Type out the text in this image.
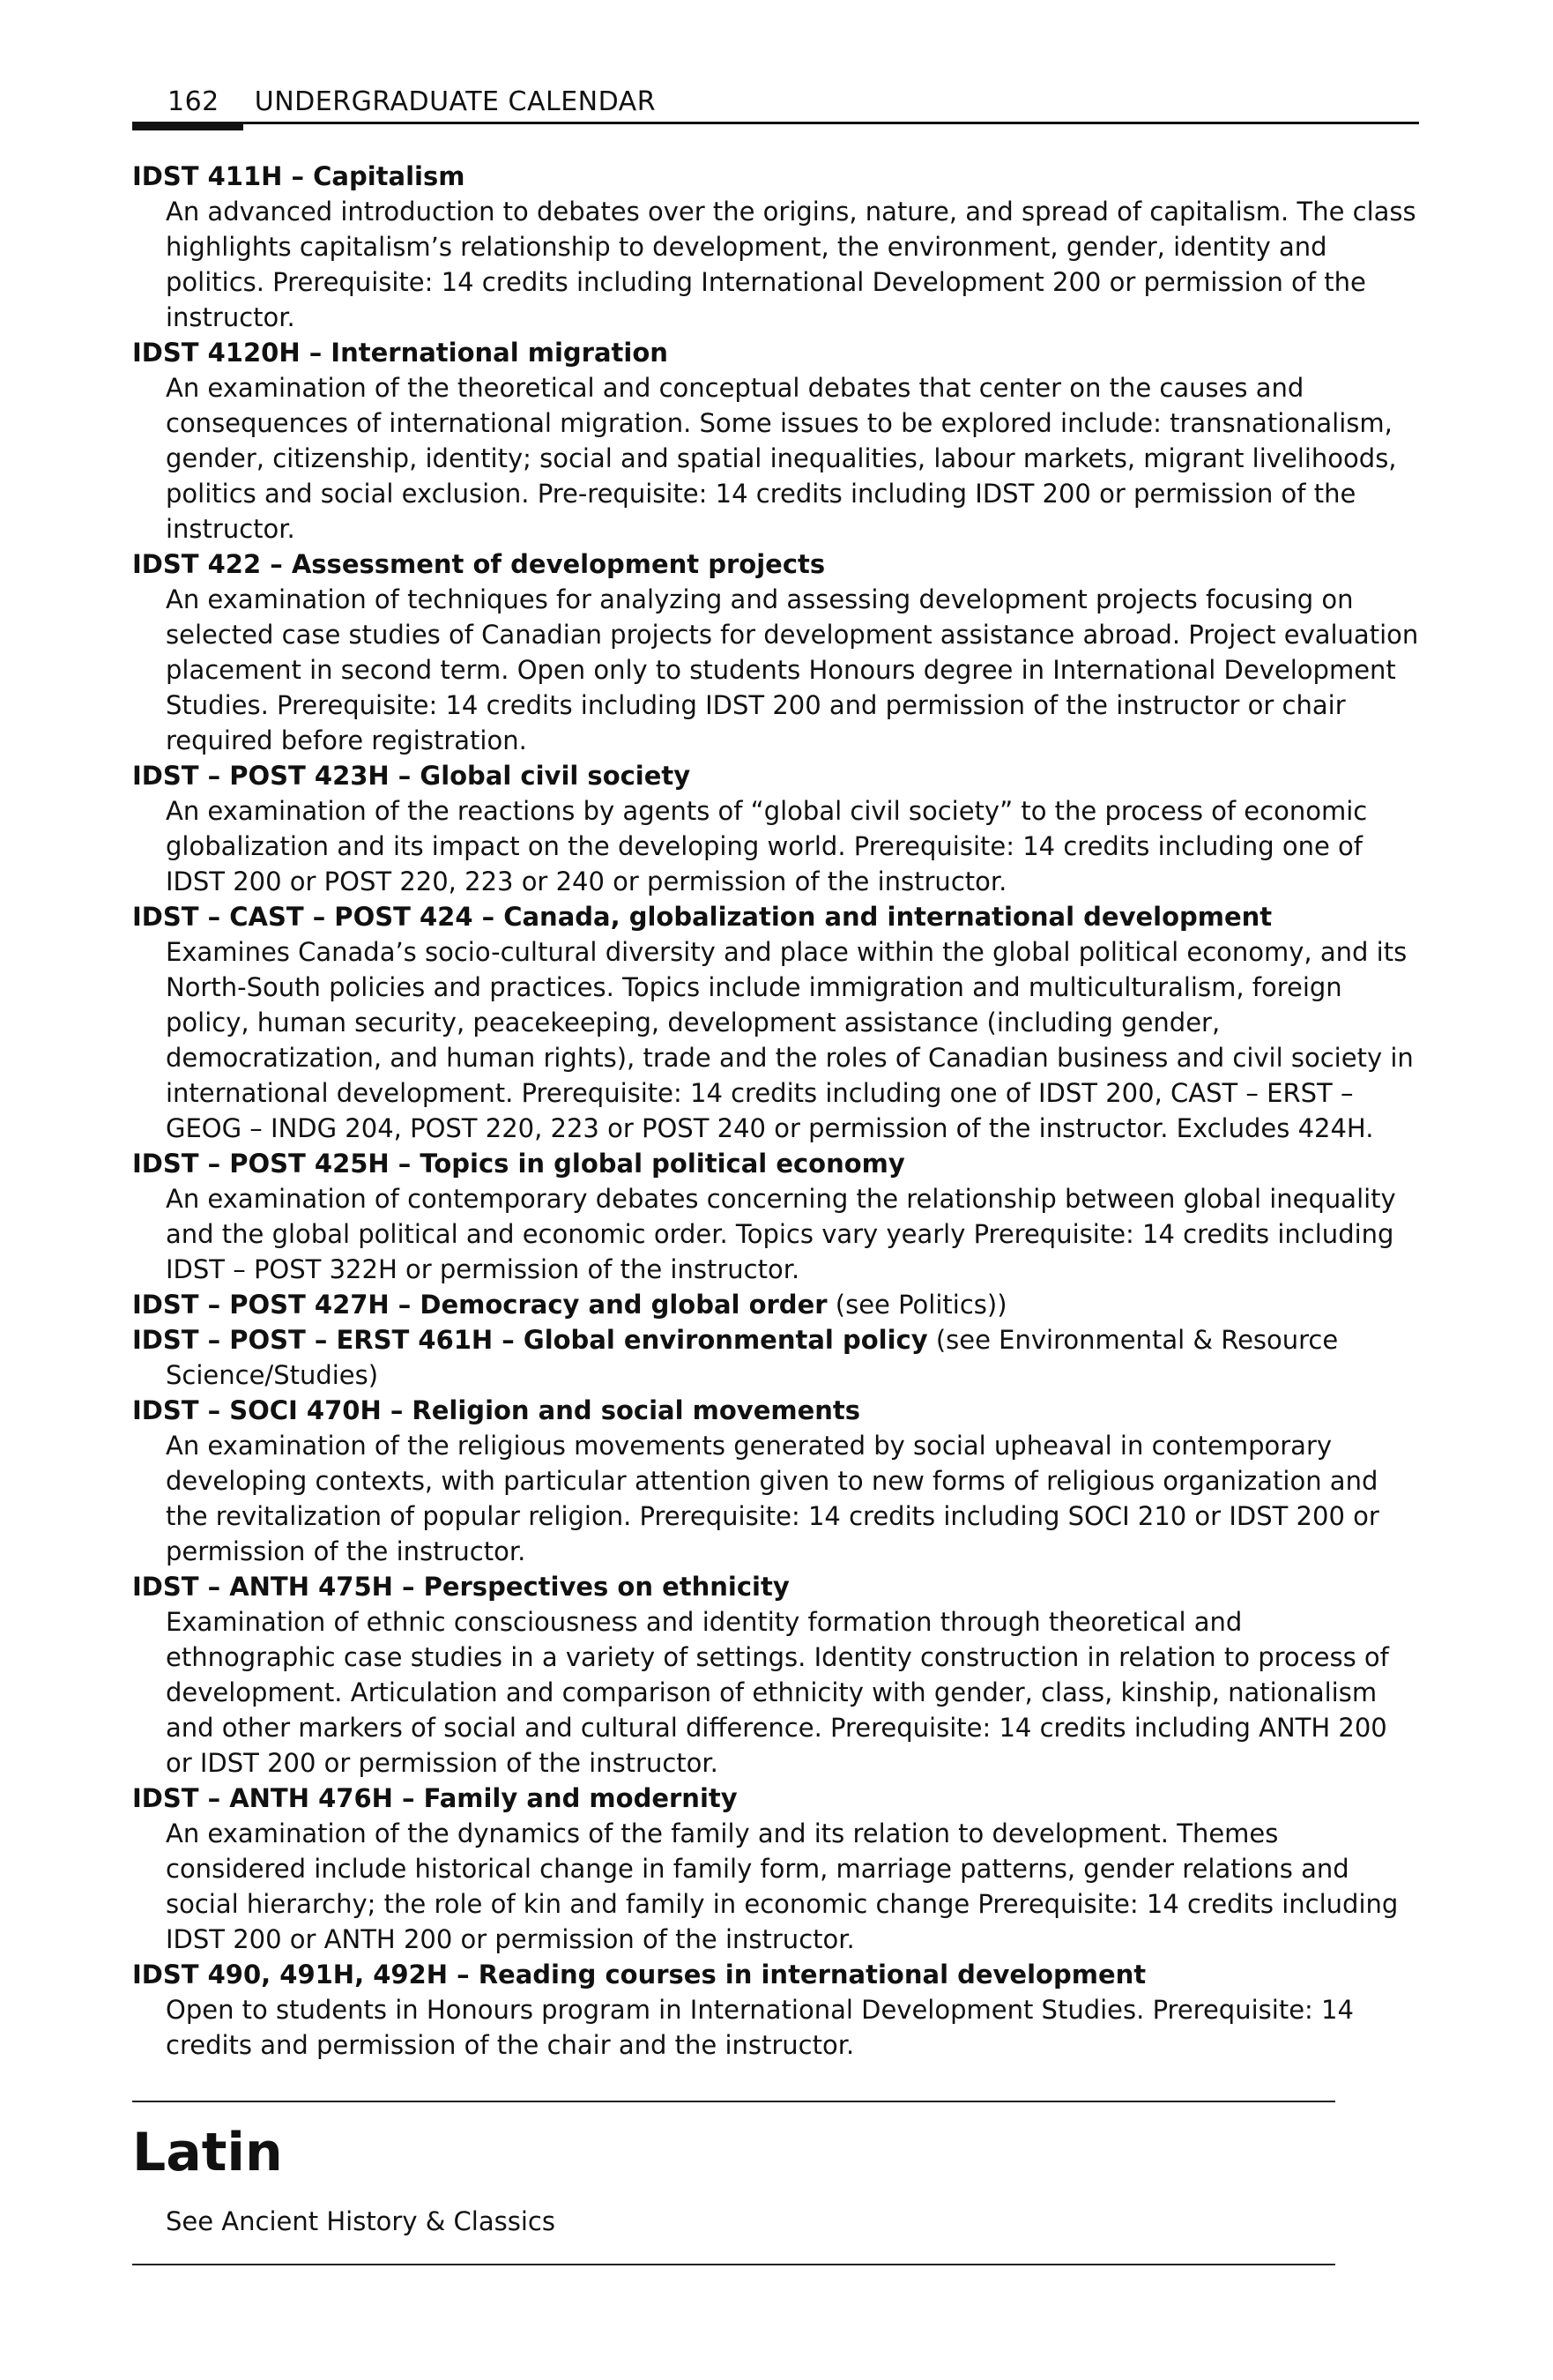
162 UNDERGRADUATE CALENDAR
IDST 411H – Capitalism

An advanced introduction to debates over the origins, nature, and spread of capitalism. The class highlights capitalism’s relationship to development, the environment, gender, identity and politics. Prerequisite: 14 credits including International Development 200 or permission of the instructor.

IDST 4120H – International migration

An examination of the theoretical and conceptual debates that center on the causes and consequences of international migration. Some issues to be explored include: transnationalism, gender, citizenship, identity; social and spatial inequalities, labour markets, migrant livelihoods, politics and social exclusion. Pre-requisite: 14 credits including IDST 200 or permission of the instructor.

IDST 422 – Assessment of development projects

An examination of techniques for analyzing and assessing development projects focusing on selected case studies of Canadian projects for development assistance abroad. Project evaluation placement in second term. Open only to students Honours degree in International Development Studies. Prerequisite: 14 credits including IDST 200 and permission of the instructor or chair required before registration.

IDST – POST 423H – Global civil society

An examination of the reactions by agents of “global civil society” to the process of economic globalization and its impact on the developing world. Prerequisite: 14 credits including one of IDST 200 or POST 220, 223 or 240 or permission of the instructor.

IDST – CAST – POST 424 – Canada, globalization and international development

Examines Canada’s socio-cultural diversity and place within the global political economy, and its North-South policies and practices. Topics include immigration and multiculturalism, foreign policy, human security, peacekeeping, development assistance (including gender, democratization, and human rights), trade and the roles of Canadian business and civil society in international development. Prerequisite: 14 credits including one of IDST 200, CAST – ERST – GEOG – INDG 204, POST 220, 223 or POST 240 or permission of the instructor. Excludes 424H.

IDST – POST 425H – Topics in global political economy

An examination of contemporary debates concerning the relationship between global inequality and the global political and economic order. Topics vary yearly Prerequisite: 14 credits including IDST – POST 322H or permission of the instructor.

IDST – POST 427H – Democracy and global order (see Politics))
IDST – POST – ERST 461H – Global environmental policy (see Environmental & Resource Science/Studies)
IDST – SOCI 470H – Religion and social movements

An examination of the religious movements generated by social upheaval in contemporary developing contexts, with particular attention given to new forms of religious organization and the revitalization of popular religion. Prerequisite: 14 credits including SOCI 210 or IDST 200 or permission of the instructor.

IDST – ANTH 475H – Perspectives on ethnicity

Examination of ethnic consciousness and identity formation through theoretical and ethnographic case studies in a variety of settings. Identity construction in relation to process of development. Articulation and comparison of ethnicity with gender, class, kinship, nationalism and other markers of social and cultural difference. Prerequisite: 14 credits including ANTH 200 or IDST 200 or permission of the instructor.

IDST – ANTH 476H – Family and modernity

An examination of the dynamics of the family and its relation to development. Themes considered include historical change in family form, marriage patterns, gender relations and social hierarchy; the role of kin and family in economic change Prerequisite: 14 credits including IDST 200 or ANTH 200 or permission of the instructor.

IDST 490, 491H, 492H – Reading courses in international development

Open to students in Honours program in International Development Studies. Prerequisite: 14 credits and permission of the chair and the instructor.

Latin
See Ancient History & Classics
